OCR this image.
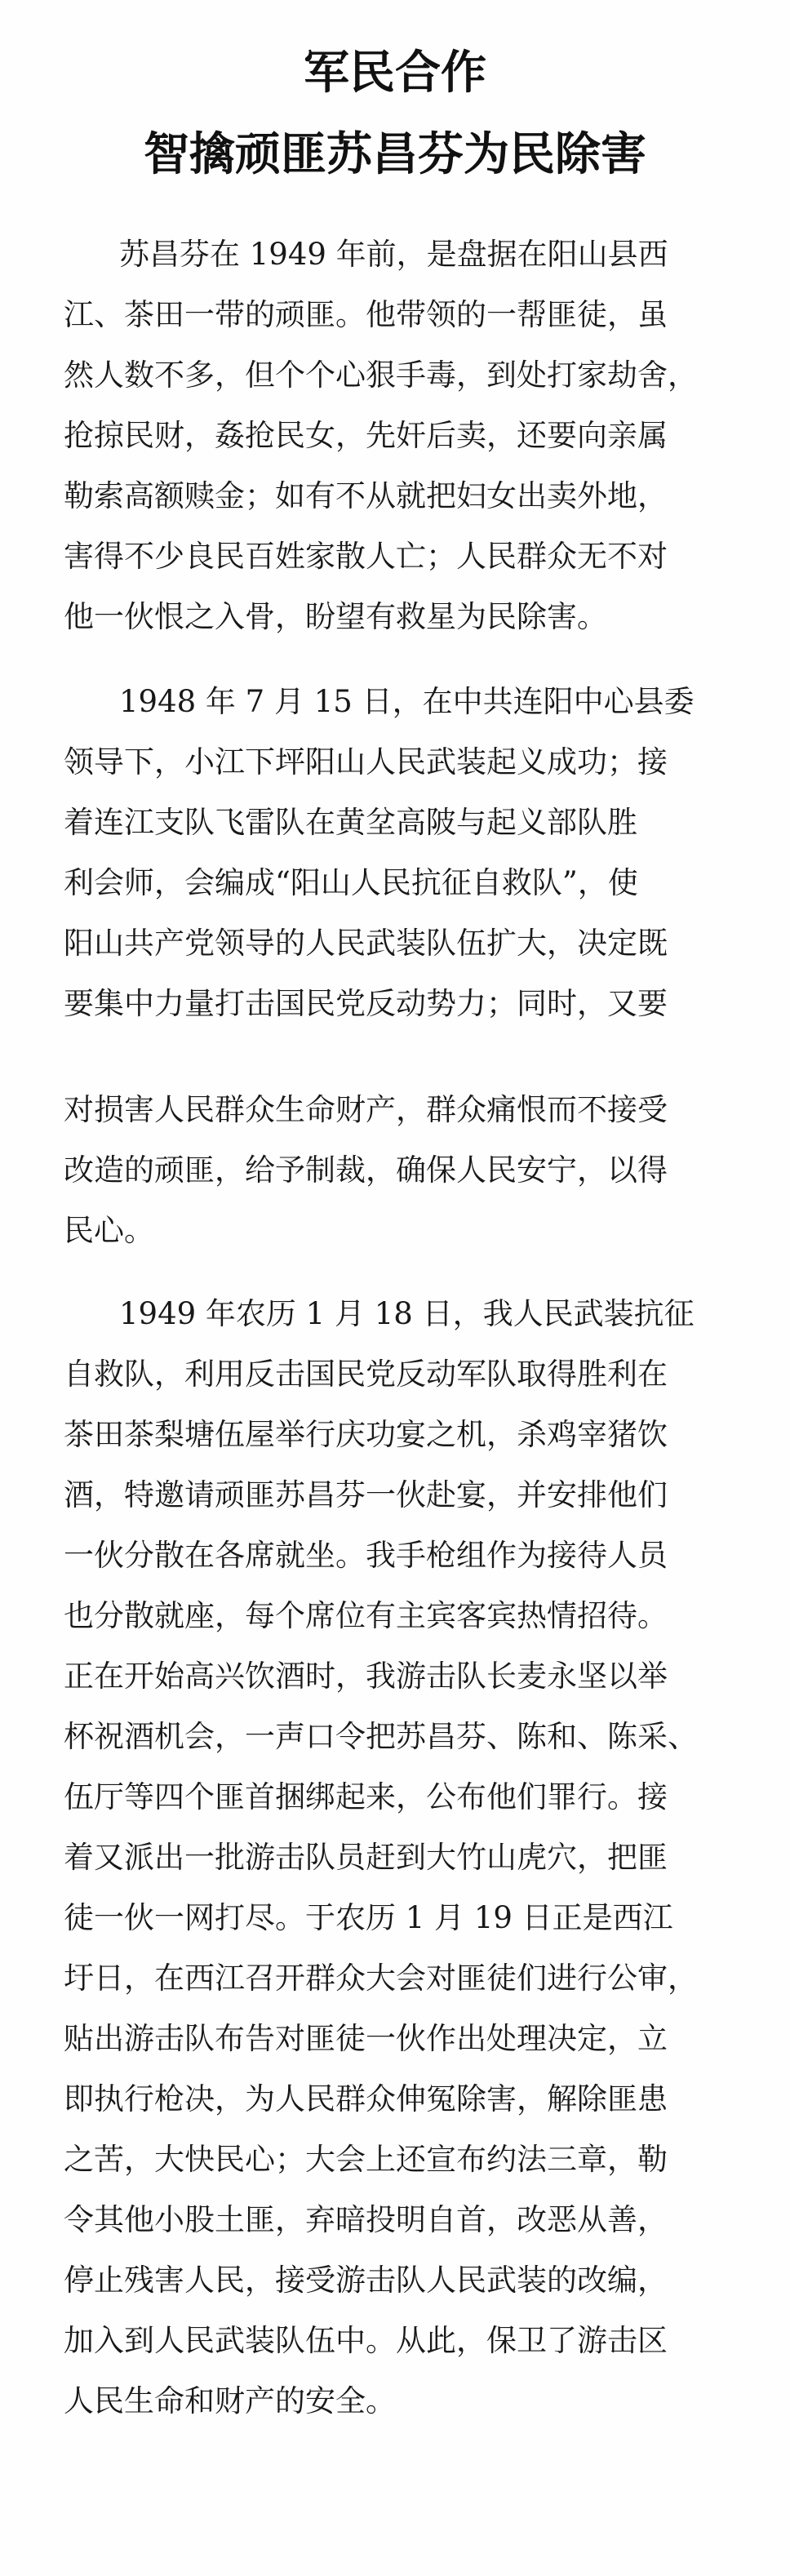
军民合作
智擒顽匪苏昌芬为民除害
苏昌芬在 1949 年前，是盘据在阳山县西
江、茶田一带的顽匪。他带领的一帮匪徒，虽
然人数不多，但个个心狠手毒，到处打家劫舍，
抢掠民财，姦抢民女，先奸后卖，还要向亲属
勒索高额赎金；如有不从就把妇女出卖外地，
害得不少良民百姓家散人亡；人民群众无不对
他一伙恨之入骨，盼望有救星为民除害。
1948 年 7 月 15 日，在中共连阳中心县委
领导下，小江下坪阳山人民武装起义成功；接
着连江支队飞雷队在黄坌高陂与起义部队胜
利会师，会编成“阳山人民抗征自救队”，使
阳山共产党领导的人民武装队伍扩大，决定既
要集中力量打击国民党反动势力；同时，又要
对损害人民群众生命财产，群众痛恨而不接受
改造的顽匪，给予制裁，确保人民安宁，以得
民心。
1949 年农历 1 月 18 日，我人民武装抗征
自救队，利用反击国民党反动军队取得胜利在
茶田茶梨塘伍屋举行庆功宴之机，杀鸡宰猪饮
酒，特邀请顽匪苏昌芬一伙赴宴，并安排他们
一伙分散在各席就坐。我手枪组作为接待人员
也分散就座，每个席位有主宾客宾热情招待。
正在开始高兴饮酒时，我游击队长麦永坚以举
杯祝酒机会，一声口令把苏昌芬、陈和、陈采、
伍厅等四个匪首捆绑起来，公布他们罪行。接
着又派出一批游击队员赶到大竹山虎穴，把匪
徒一伙一网打尽。于农历 1 月 19 日正是西江
圩日，在西江召开群众大会对匪徒们进行公审，
贴出游击队布告对匪徒一伙作出处理决定，立
即执行枪决，为人民群众伸冤除害，解除匪患
之苦，大快民心；大会上还宣布约法三章，勒
令其他小股土匪，弃暗投明自首，改恶从善，
停止残害人民，接受游击队人民武装的改编，
加入到人民武装队伍中。从此，保卫了游击区
人民生命和财产的安全。
